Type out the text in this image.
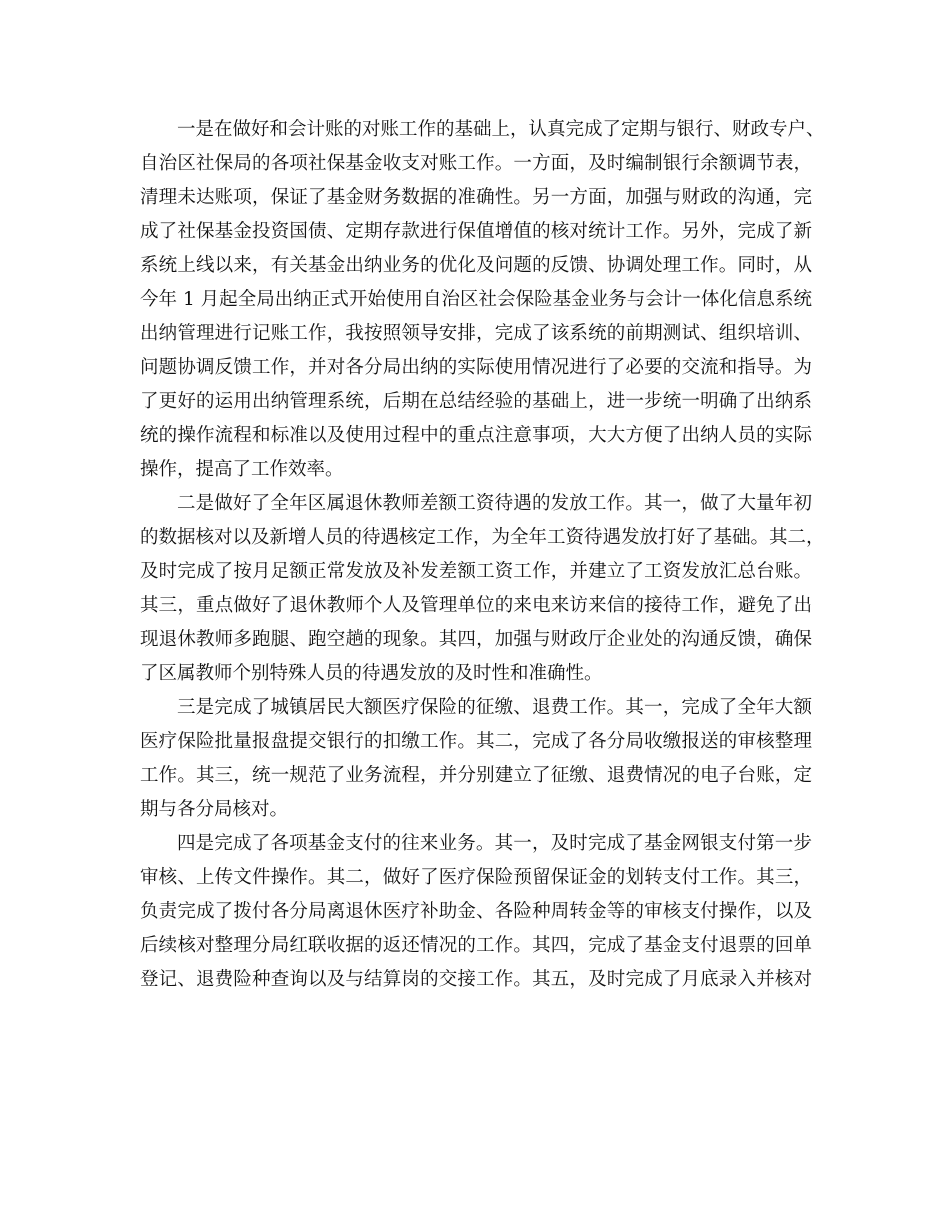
一是在做好和会计账的对账工作的基础上，认真完成了定期与银行、财政专户、
自治区社保局的各项社保基金收支对账工作。一方面，及时编制银行余额调节表，
清理未达账项，保证了基金财务数据的准确性。另一方面，加强与财政的沟通，完
成了社保基金投资国债、定期存款进行保值增值的核对统计工作。另外，完成了新
系统上线以来，有关基金出纳业务的优化及问题的反馈、协调处理工作。同时，从
今年 1 月起全局出纳正式开始使用自治区社会保险基金业务与会计一体化信息系统
出纳管理进行记账工作，我按照领导安排，完成了该系统的前期测试、组织培训、
问题协调反馈工作，并对各分局出纳的实际使用情况进行了必要的交流和指导。为
了更好的运用出纳管理系统，后期在总结经验的基础上，进一步统一明确了出纳系
统的操作流程和标准以及使用过程中的重点注意事项，大大方便了出纳人员的实际
操作，提高了工作效率。
二是做好了全年区属退休教师差额工资待遇的发放工作。其一，做了大量年初
的数据核对以及新增人员的待遇核定工作，为全年工资待遇发放打好了基础。其二，
及时完成了按月足额正常发放及补发差额工资工作，并建立了工资发放汇总台账。
其三，重点做好了退休教师个人及管理单位的来电来访来信的接待工作，避免了出
现退休教师多跑腿、跑空趟的现象。其四，加强与财政厅企业处的沟通反馈，确保
了区属教师个别特殊人员的待遇发放的及时性和准确性。
三是完成了城镇居民大额医疗保险的征缴、退费工作。其一，完成了全年大额
医疗保险批量报盘提交银行的扣缴工作。其二，完成了各分局收缴报送的审核整理
工作。其三，统一规范了业务流程，并分别建立了征缴、退费情况的电子台账，定
期与各分局核对。
四是完成了各项基金支付的往来业务。其一，及时完成了基金网银支付第一步
审核、上传文件操作。其二，做好了医疗保险预留保证金的划转支付工作。其三，
负责完成了拨付各分局离退休医疗补助金、各险种周转金等的审核支付操作，以及
后续核对整理分局红联收据的返还情况的工作。其四，完成了基金支付退票的回单
登记、退费险种查询以及与结算岗的交接工作。其五，及时完成了月底录入并核对
